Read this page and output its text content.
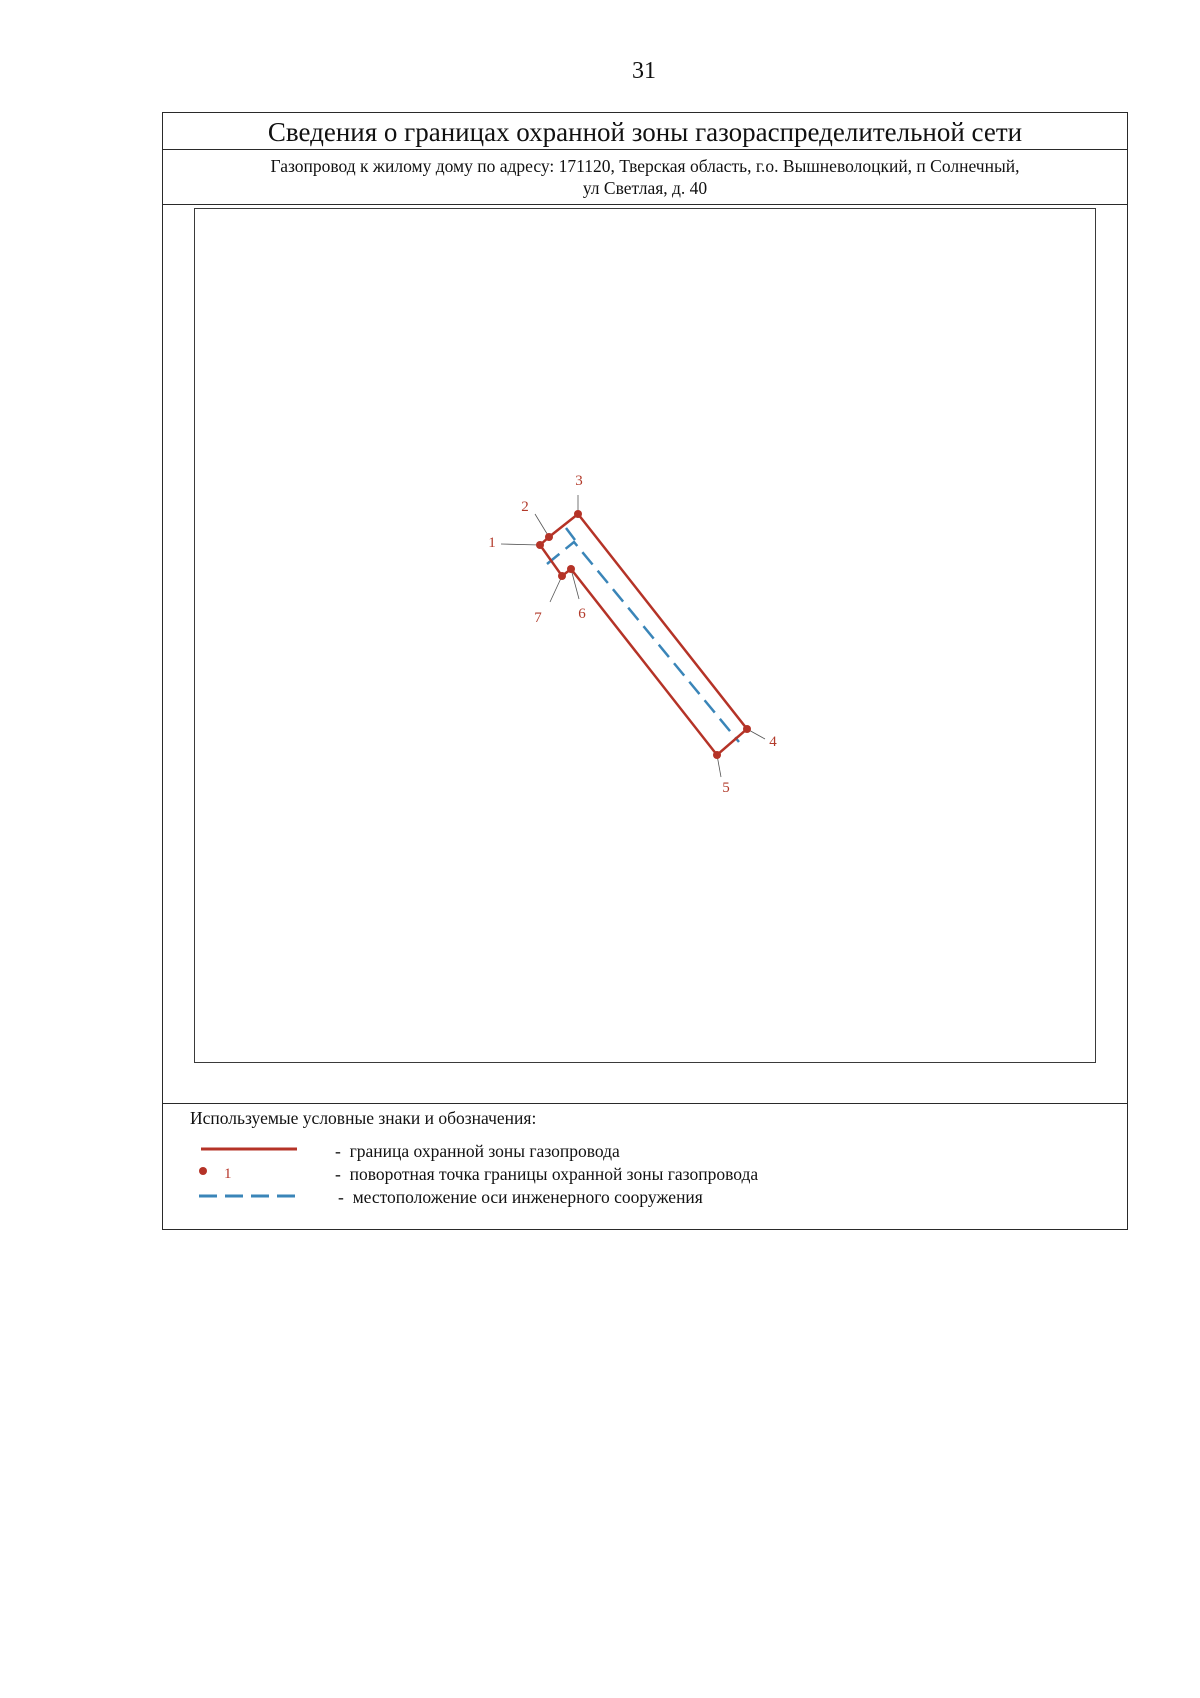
31
Сведения о границах охранной зоны газораспределительной сети
Газопровод к жилому дому по адресу: 171120, Тверская область, г.о. Вышневолоцкий, п Солнечный,
ул Светлая, д. 40
1
2
3
4
5
6
7
Используемые условные знаки и обозначения:
- граница охранной зоны газопровода
1	- поворотная точка границы охранной зоны газопровода
- местоположение оси инженерного сооружения
